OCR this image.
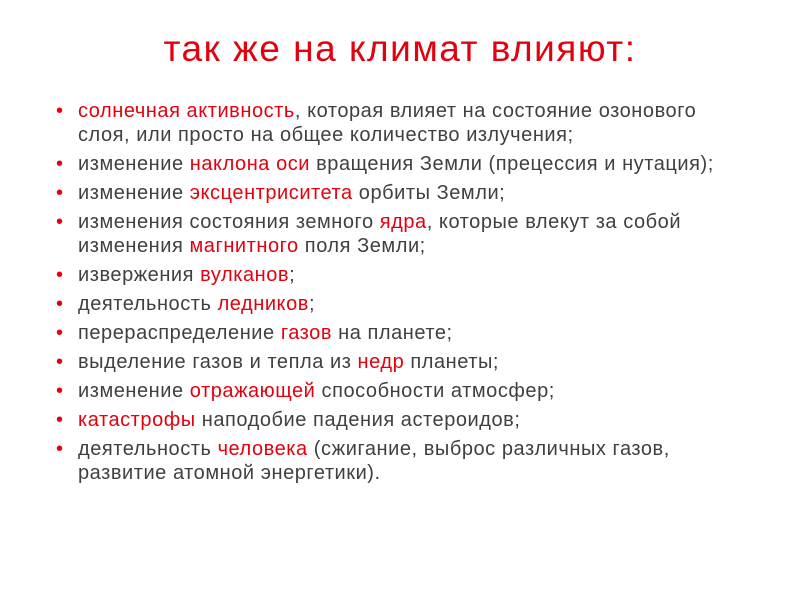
так же на климат влияют:
• солнечная активность, которая влияет на состояние озонового слоя, или просто на общее количество излучения;
• изменение наклона оси вращения Земли (прецессия и нутация);
• изменение эксцентриситета орбиты Земли;
• изменения состояния земного ядра, которые влекут за собой изменения магнитного поля Земли;
• извержения вулканов;
• деятельность ледников;
• перераспределение газов на планете;
• выделение газов и тепла из недр планеты;
• изменение отражающей способности атмосфер;
• катастрофы наподобие падения астероидов;
• деятельность человека (сжигание, выброс различных газов, развитие атомной энергетики).
